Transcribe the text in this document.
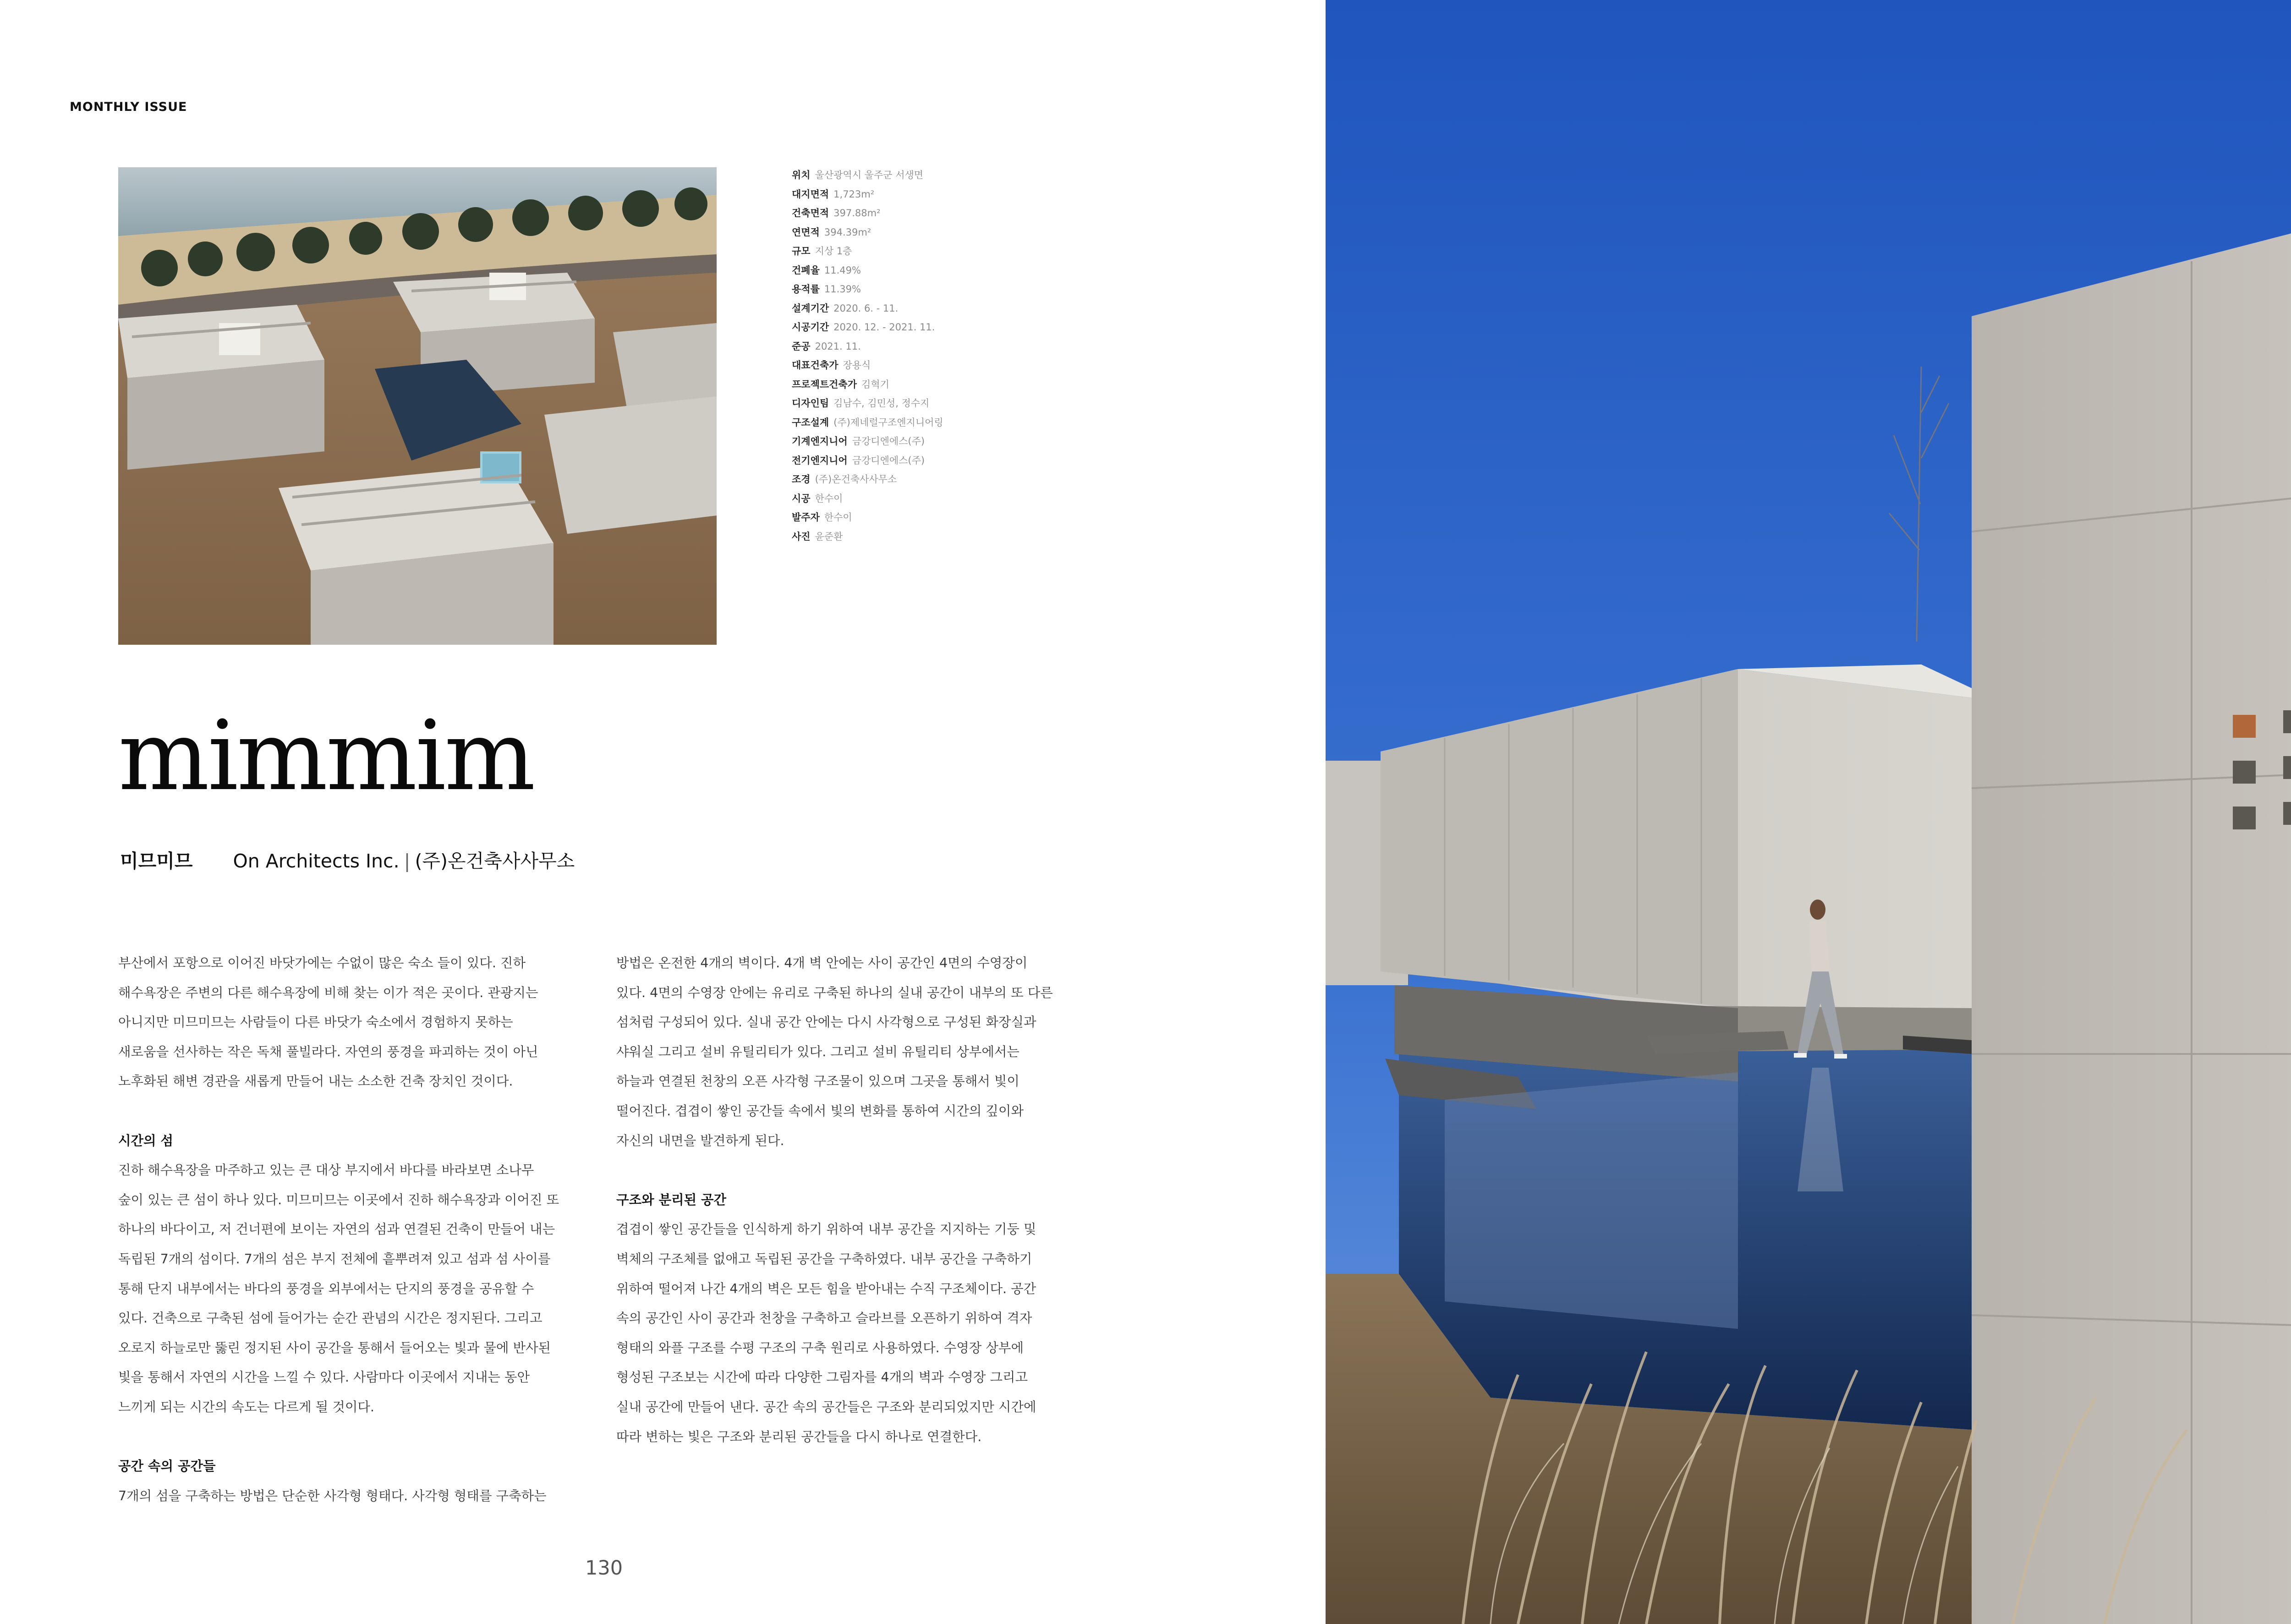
MONTHLY ISSUE
위치 울산광역시 울주군 서생면
대지면적 1,723m²
건축면적 397.88m²
연면적 394.39m²
규모 지상 1층
건폐율 11.49%
용적률 11.39%
설계기간 2020. 6. - 11.
시공기간 2020. 12. - 2021. 11.
준공 2021. 11.
대표건축가 장용식
프로젝트건축가 김혁기
디자인팀 김남수, 김민성, 정수지
구조설계 (주)제네럴구조엔지니어링
기계엔지니어 금강디엔에스(주)
전기엔지니어 금강디엔에스(주)
조경 (주)온건축사사무소
시공 한수이
발주자 한수이
사진 윤준환
mimmim
미므미므 On Architects Inc. | (주)온건축사사무소

부산에서 포항으로 이어진 바닷가에는 수없이 많은 숙소 들이 있다. 진하

해수욕장은 주변의 다른 해수욕장에 비해 찾는 이가 적은 곳이다. 관광지는

아니지만 미므미므는 사람들이 다른 바닷가 숙소에서 경험하지 못하는

새로움을 선사하는 작은 독채 풀빌라다. 자연의 풍경을 파괴하는 것이 아닌

노후화된 해변 경관을 새롭게 만들어 내는 소소한 건축 장치인 것이다.

시간의 섬

진하 해수욕장을 마주하고 있는 큰 대상 부지에서 바다를 바라보면 소나무

숲이 있는 큰 섬이 하나 있다. 미므미므는 이곳에서 진하 해수욕장과 이어진 또

하나의 바다이고, 저 건너편에 보이는 자연의 섬과 연결된 건축이 만들어 내는

독립된 7개의 섬이다. 7개의 섬은 부지 전체에 흩뿌려져 있고 섬과 섬 사이를

통해 단지 내부에서는 바다의 풍경을 외부에서는 단지의 풍경을 공유할 수

있다. 건축으로 구축된 섬에 들어가는 순간 관념의 시간은 정지된다. 그리고

오로지 하늘로만 뚫린 정지된 사이 공간을 통해서 들어오는 빛과 물에 반사된

빛을 통해서 자연의 시간을 느낄 수 있다. 사람마다 이곳에서 지내는 동안

느끼게 되는 시간의 속도는 다르게 될 것이다.

공간 속의 공간들

7개의 섬을 구축하는 방법은 단순한 사각형 형태다. 사각형 형태를 구축하는

방법은 온전한 4개의 벽이다. 4개 벽 안에는 사이 공간인 4면의 수영장이

있다. 4면의 수영장 안에는 유리로 구축된 하나의 실내 공간이 내부의 또 다른

섬처럼 구성되어 있다. 실내 공간 안에는 다시 사각형으로 구성된 화장실과

샤워실 그리고 설비 유틸리티가 있다. 그리고 설비 유틸리티 상부에서는

하늘과 연결된 천창의 오픈 사각형 구조물이 있으며 그곳을 통해서 빛이

떨어진다. 겹겹이 쌓인 공간들 속에서 빛의 변화를 통하여 시간의 깊이와

자신의 내면을 발견하게 된다.

구조와 분리된 공간

겹겹이 쌓인 공간들을 인식하게 하기 위하여 내부 공간을 지지하는 기둥 및

벽체의 구조체를 없애고 독립된 공간을 구축하였다. 내부 공간을 구축하기

위하여 떨어져 나간 4개의 벽은 모든 힘을 받아내는 수직 구조체이다. 공간

속의 공간인 사이 공간과 천창을 구축하고 슬라브를 오픈하기 위하여 격자

형태의 와플 구조를 수평 구조의 구축 원리로 사용하였다. 수영장 상부에

형성된 구조보는 시간에 따라 다양한 그림자를 4개의 벽과 수영장 그리고

실내 공간에 만들어 낸다. 공간 속의 공간들은 구조와 분리되었지만 시간에

따라 변하는 빛은 구조와 분리된 공간들을 다시 하나로 연결한다.

130
